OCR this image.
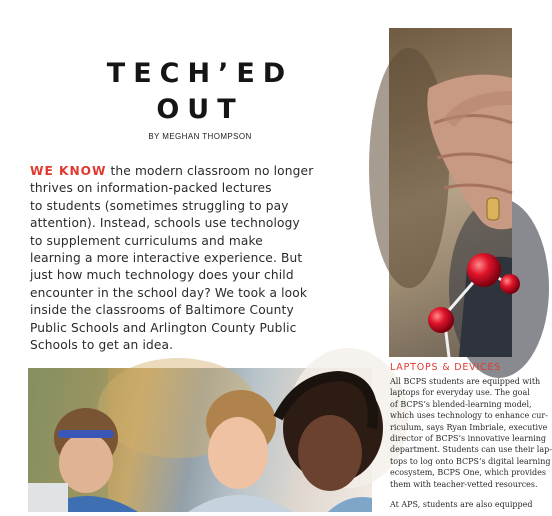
TECH’ED
OUT
BY MEGHAN THOMPSON
WE KNOW the modern classroom no longer
thrives on information-packed lectures
to students (sometimes struggling to pay
attention). Instead, schools use technology
to supplement curriculums and make
learning a more interactive experience. But
just how much technology does your child
encounter in the school day? We took a look
inside the classrooms of Baltimore County
Public Schools and Arlington County Public
Schools to get an idea.
LAPTOPS & DEVICES
All BCPS students are equipped with
laptops for everyday use. The goal
of BCPS’s blended-learning model,
which uses technology to enhance cur-
riculum, says Ryan Imbriale, executive
director of BCPS’s innovative learning
department. Students can use their lap-
tops to log onto BCPS’s digital learning
ecosystem, BCPS One, which provides
them with teacher-vetted resources.
At APS, students are also equipped
